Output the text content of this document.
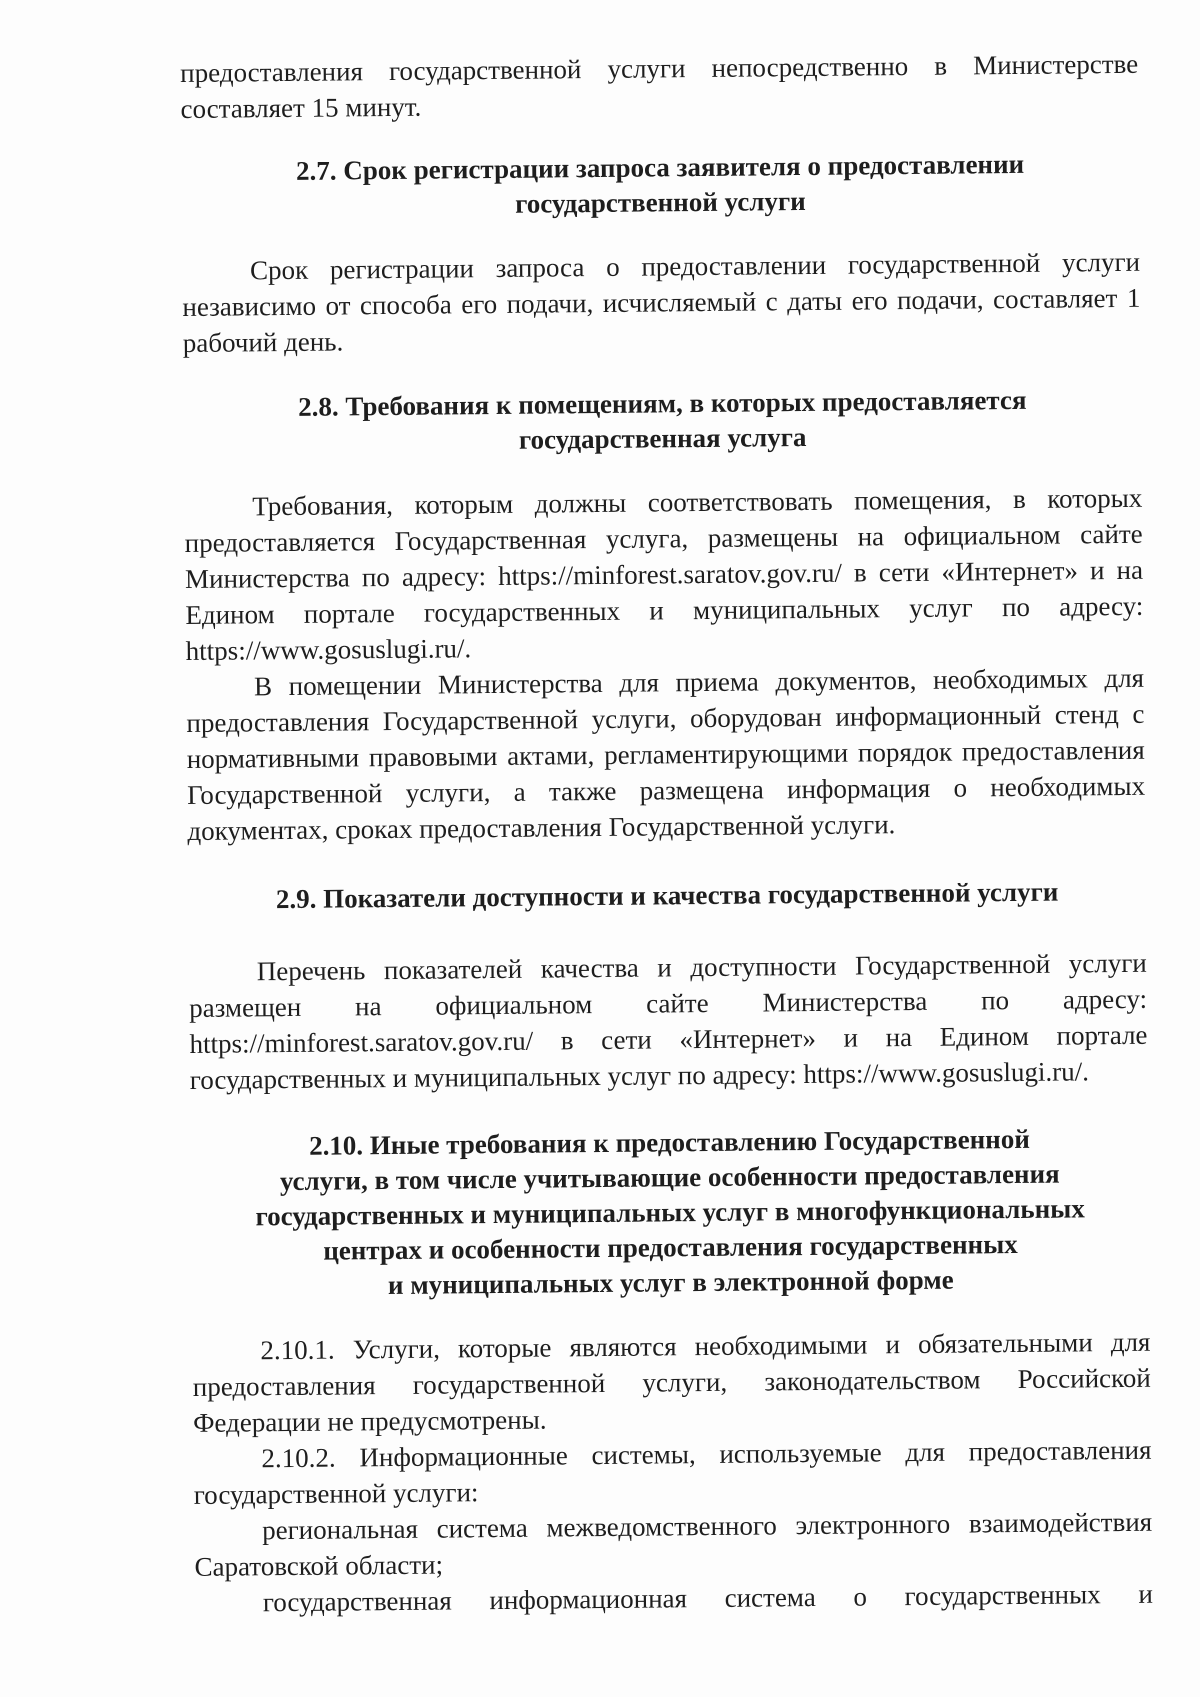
предоставления государственной услуги непосредственно в Министерстве
составляет 15 минут.

2.7. Срок регистрации запроса заявителя о предоставлении
государственной услуги

Срок регистрации запроса о предоставлении государственной услуги независимо от способа его подачи, исчисляемый с даты его подачи, составляет 1 рабочий день.

2.8. Требования к помещениям, в которых предоставляется
государственная услуга

Требования, которым должны соответствовать помещения, в которых предоставляется Государственная услуга, размещены на официальном сайте Министерства по адресу: https://minforest.saratov.gov.ru/ в сети «Интернет» и на Едином портале государственных и муниципальных услуг по адресу: https://www.gosuslugi.ru/.

В помещении Министерства для приема документов, необходимых для предоставления Государственной услуги, оборудован информационный стенд с нормативными правовыми актами, регламентирующими порядок предоставления Государственной услуги, а также размещена информация о необходимых документах, сроках предоставления Государственной услуги.

2.9. Показатели доступности и качества государственной услуги

Перечень показателей качества и доступности Государственной услуги размещен на официальном сайте Министерства по адресу: https://minforest.saratov.gov.ru/ в сети «Интернет» и на Едином портале государственных и муниципальных услуг по адресу: https://www.gosuslugi.ru/.

2.10. Иные требования к предоставлению Государственной
услуги, в том числе учитывающие особенности предоставления
государственных и муниципальных услуг в многофункциональных
центрах и особенности предоставления государственных
и муниципальных услуг в электронной форме

2.10.1. Услуги, которые являются необходимыми и обязательными для предоставления государственной услуги, законодательством Российской Федерации не предусмотрены.

2.10.2. Информационные системы, используемые для предоставления государственной услуги:

региональная система межведомственного электронного взаимодействия Саратовской области;

государственная информационная система о государственных и
